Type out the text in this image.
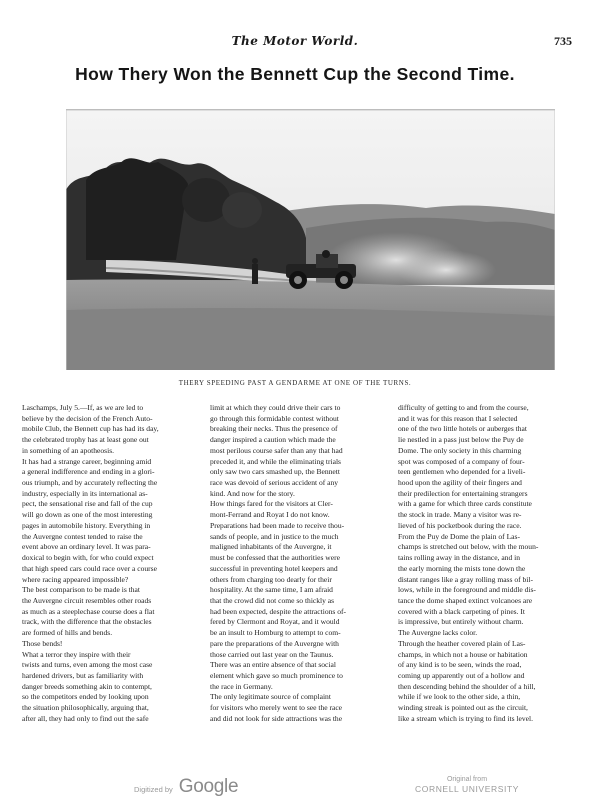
The Motor World.	735
How Thery Won the Bennett Cup the Second Time.
THERY SPEEDING PAST A GENDARME AT ONE OF THE TURNS.
Laschamps, July 5.—If, as we are led to
believe by the decision of the French Auto-
mobile Club, the Bennett cup has had its day,
the celebrated trophy has at least gone out
in something of an apotheosis.
It has had a strange career, beginning amid
a general indifference and ending in a glori-
ous triumph, and by accurately reflecting the
industry, especially in its international as-
pect, the sensational rise and fall of the cup
will go down as one of the most interesting
pages in automobile history. Everything in
the Auvergne contest tended to raise the
event above an ordinary level. It was para-
doxical to begin with, for who could expect
that high speed cars could race over a course
where racing appeared impossible?
The best comparison to be made is that
the Auvergne circuit resembles other roads
as much as a steeplechase course does a flat
track, with the difference that the obstacles
are formed of hills and bends.
Those bends!
What a terror they inspire with their
twists and turns, even among the most case
hardened drivers, but as familiarity with
danger breeds something akin to contempt,
so the competitors ended by looking upon
the situation philosophically, arguing that,
after all, they had only to find out the safe
limit at which they could drive their cars to
go through this formidable contest without
breaking their necks. Thus the presence of
danger inspired a caution which made the
most perilous course safer than any that had
preceded it, and while the eliminating trials
only saw two cars smashed up, the Bennett
race was devoid of serious accident of any
kind. And now for the story.
How things fared for the visitors at Cler-
mont-Ferrand and Royat I do not know.
Preparations had been made to receive thou-
sands of people, and in justice to the much
maligned inhabitants of the Auvergne, it
must be confessed that the authorities were
successful in preventing hotel keepers and
others from charging too dearly for their
hospitality. At the same time, I am afraid
that the crowd did not come so thickly as
had been expected, despite the attractions of-
fered by Clermont and Royat, and it would
be an insult to Homburg to attempt to com-
pare the preparations of the Auvergne with
those carried out last year on the Taunus.
There was an entire absence of that social
element which gave so much prominence to
the race in Germany.
The only legitimate source of complaint
for visitors who merely went to see the race
and did not look for side attractions was the
difficulty of getting to and from the course,
and it was for this reason that I selected
one of the two little hotels or auberges that
lie nestled in a pass just below the Puy de
Dome. The only society in this charming
spot was composed of a company of four-
teen gentlemen who depended for a liveli-
hood upon the agility of their fingers and
their predilection for entertaining strangers
with a game for which three cards constitute
the stock in trade. Many a visitor was re-
lieved of his pocketbook during the race.
From the Puy de Dome the plain of Las-
champs is stretched out below, with the moun-
tains rolling away in the distance, and in
the early morning the mists tone down the
distant ranges like a gray rolling mass of bil-
lows, while in the foreground and middle dis-
tance the dome shaped extinct volcanoes are
covered with a black carpeting of pines. It
is impressive, but entirely without charm.
The Auvergne lacks color.
Through the heather covered plain of Las-
champs, in which not a house or habitation
of any kind is to be seen, winds the road,
coming up apparently out of a hollow and
then descending behind the shoulder of a hill,
while if we look to the other side, a thin,
winding streak is pointed out as the circuit,
like a stream which is trying to find its level.
Digitized by Google	Original from
CORNELL UNIVERSITY
